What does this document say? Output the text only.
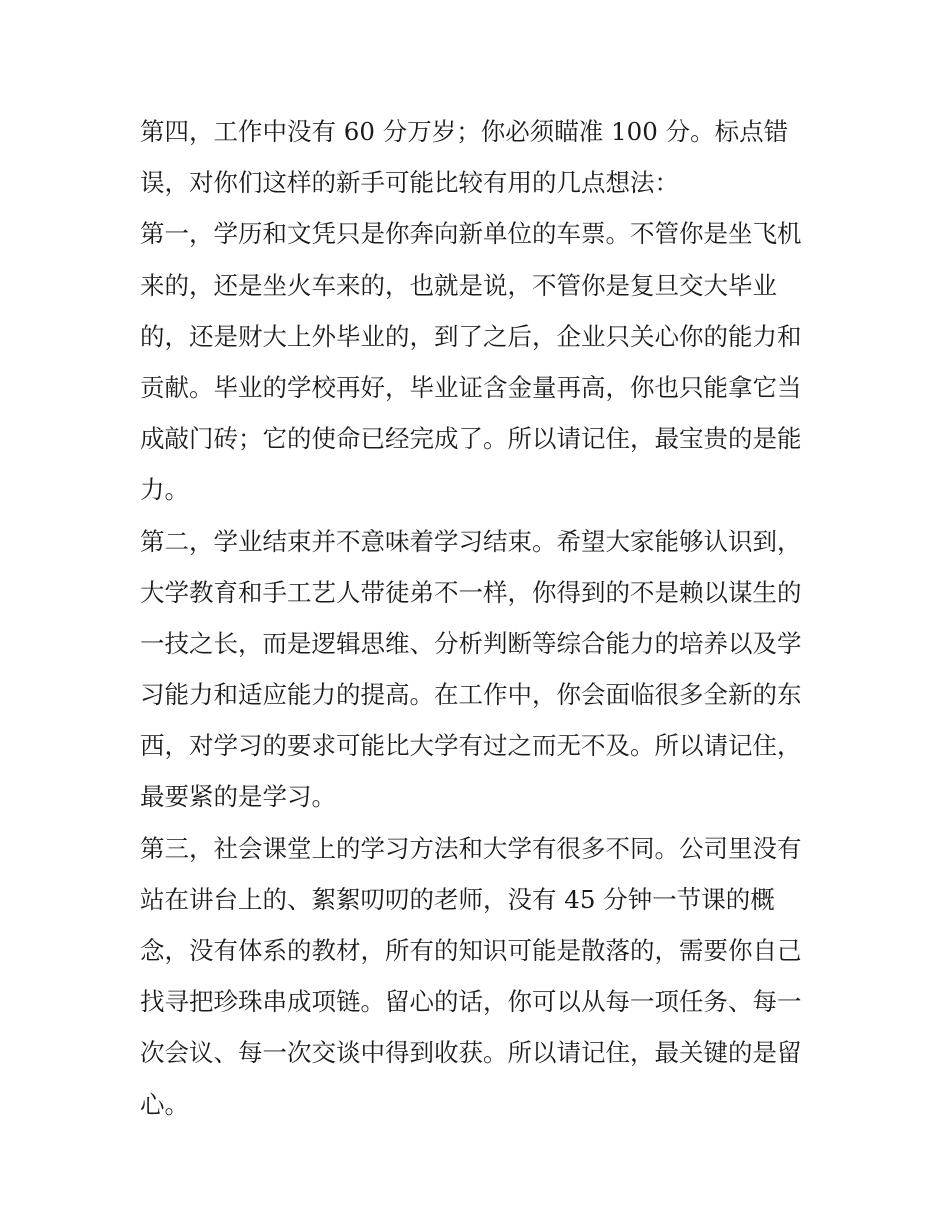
第四，工作中没有 60 分万岁；你必须瞄准 100 分。标点错
误，对你们这样的新手可能比较有用的几点想法：
第一，学历和文凭只是你奔向新单位的车票。不管你是坐飞机
来的，还是坐火车来的，也就是说，不管你是复旦交大毕业
的，还是财大上外毕业的，到了之后，企业只关心你的能力和
贡献。毕业的学校再好，毕业证含金量再高，你也只能拿它当
成敲门砖；它的使命已经完成了。所以请记住，最宝贵的是能
力。
第二，学业结束并不意味着学习结束。希望大家能够认识到，
大学教育和手工艺人带徒弟不一样，你得到的不是赖以谋生的
一技之长，而是逻辑思维、分析判断等综合能力的培养以及学
习能力和适应能力的提高。在工作中，你会面临很多全新的东
西，对学习的要求可能比大学有过之而无不及。所以请记住，
最要紧的是学习。
第三，社会课堂上的学习方法和大学有很多不同。公司里没有
站在讲台上的、絮絮叨叨的老师，没有 45 分钟一节课的概
念，没有体系的教材，所有的知识可能是散落的，需要你自己
找寻把珍珠串成项链。留心的话，你可以从每一项任务、每一
次会议、每一次交谈中得到收获。所以请记住，最关键的是留
心。
